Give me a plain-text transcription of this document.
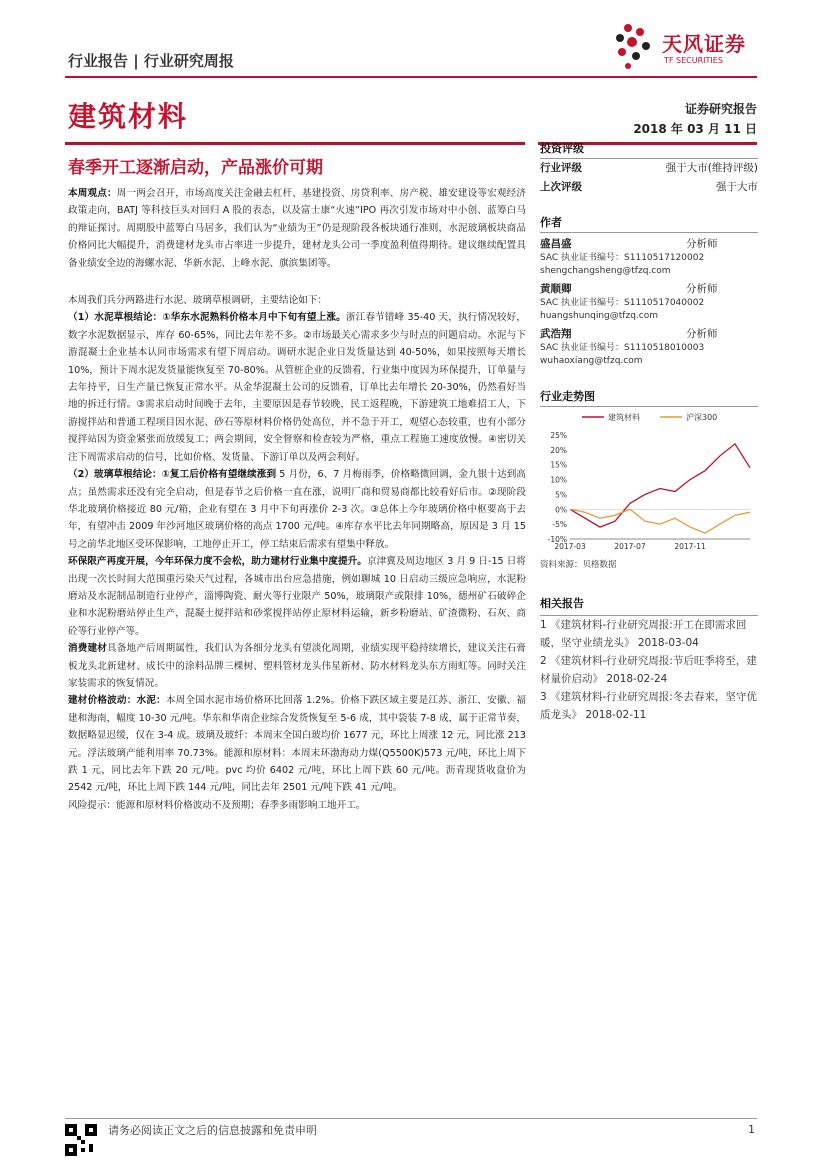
行业报告 | 行业研究周报
天风证券
TF SECURITIES
建筑材料	证券研究报告
2018 年 03 月 11 日
春季开工逐渐启动，产品涨价可期

本周观点：周一两会召开，市场高度关注金融去杠杆、基建投资、房贷利率、房产税、雄安建设等宏观经济政策走向，BATJ 等科技巨头对回归 A 股的表态，以及富士康“火速”IPO 再次引发市场对中小创、蓝筹白马的辩证探讨。周期股中蓝筹白马居多，我们认为“业绩为王”仍是现阶段各板块通行准则，水泥玻璃板块商品价格同比大幅提升，消费建材龙头市占率进一步提升，建材龙头公司一季度盈利值得期待。建议继续配置具备业绩安全边的海螺水泥、华新水泥、上峰水泥、旗滨集团等。

本周我们兵分两路进行水泥、玻璃草根调研，主要结论如下：

（1）水泥草根结论：①华东水泥熟料价格本月中下旬有望上涨。浙江春节错峰 35-40 天，执行情况较好，数字水泥数据显示，库存 60-65%，同比去年差不多。②市场最关心需求多少与时点的问题启动。水泥与下游混凝土企业基本认同市场需求有望下周启动。调研水泥企业日发货量达到 40-50%，如果按照每天增长 10%，预计下周水泥发货量能恢复至 70-80%。从管桩企业的反馈看，行业集中度因为环保提升，订单量与去年持平，日生产量已恢复正常水平。从金华混凝土公司的反馈看，订单比去年增长 20-30%，仍然看好当地的拆迁行情。③需求启动时间晚于去年，主要原因是春节较晚，民工返程晚，下游建筑工地难招工人，下游搅拌站和普通工程项目因水泥、砂石等原材料价格仍处高位，并不急于开工，观望心态较重，也有小部分搅拌站因为资金紧张而放缓复工；两会期间，安全督察和检查较为严格，重点工程施工速度放慢。④密切关注下周需求启动的信号，比如价格、发货量、下游订单以及两会利好。

（2）玻璃草根结论：①复工后价格有望继续涨到 5 月份，6、7 月梅雨季，价格略微回调，金九银十达到高点；虽然需求还没有完全启动，但是春节之后价格一直在涨，说明厂商和贸易商都比较看好后市。②现阶段华北玻璃价格接近 80 元/箱，企业有望在 3 月中下旬再涨价 2-3 次。③总体上今年玻璃价格中枢要高于去年，有望冲击 2009 年沙河地区玻璃价格的高点 1700 元/吨。④库存水平比去年同期略高，原因是 3 月 15 号之前华北地区受环保影响，工地停止开工，停工结束后需求有望集中释放。

环保限产再度开展，今年环保力度不会松，助力建材行业集中度提升。京津冀及周边地区 3 月 9 日-15 日将出现一次长时间大范围重污染天气过程，各城市出台应急措施，例如聊城 10 日启动三级应急响应，水泥粉磨站及水泥制品制造行业停产，淄博陶瓷、耐火等行业限产 50%，玻璃限产或限排 10%，德州矿石破碎企业和水泥粉磨站停止生产，混凝土搅拌站和砂浆搅拌站停止原材料运输，新乡粉磨站、矿渣微粉、石灰、商砼等行业停产等。

消费建材具备地产后周期属性，我们认为各细分龙头有望淡化周期，业绩实现平稳持续增长，建议关注石膏板龙头北新建材、成长中的涂料品牌三棵树、塑料管材龙头伟星新材、防水材料龙头东方雨虹等。同时关注家装需求的恢复情况。

建材价格波动：水泥：本周全国水泥市场价格环比回落 1.2%。价格下跌区域主要是江苏、浙江、安徽、福建和海南，幅度 10-30 元/吨。华东和华南企业综合发货恢复至 5-6 成，其中袋装 7-8 成，属于正常节奏，数据略显迟缓，仅在 3-4 成。玻璃及玻纤：本周末全国白玻均价 1677 元，环比上周涨 12 元，同比涨 213 元。浮法玻璃产能利用率 70.73%。能源和原材料：本周末环渤海动力煤(Q5500K)573 元/吨，环比上周下跌 1 元，同比去年下跌 20 元/吨。pvc 均价 6402 元/吨，环比上周下跌 60 元/吨。沥青现货收盘价为 2542 元/吨，环比上周下跌 144 元/吨，同比去年 2501 元/吨下跌 41 元/吨。

风险提示：能源和原材料价格波动不及预期；春季多雨影响工地开工。

投资评级
行业评级	强于大市(维持评级)
上次评级	强于大市
作者
盛昌盛	分析师
SAC 执业证书编号：S1110517120002
shengchangsheng@tfzq.com
黄顺卿	分析师
SAC 执业证书编号：S1110517040002
huangshunqing@tfzq.com
武浩翔	分析师
SAC 执业证书编号：S1110518010003
wuhaoxiang@tfzq.com
行业走势图
建筑材料	沪深300
25%
20%
15%
10%
5%
0%
-5%
-10%
2017-03	2017-07	2017-11
资料来源：贝格数据
相关报告

1 《建筑材料-行业研究周报:开工在即需求回暖，坚守业绩龙头》 2018-03-04

2 《建筑材料-行业研究周报:节后旺季将至，建材量价启动》 2018-02-24

3 《建筑材料-行业研究周报:冬去春来，坚守优质龙头》 2018-02-11

请务必阅读正文之后的信息披露和免责申明	1
